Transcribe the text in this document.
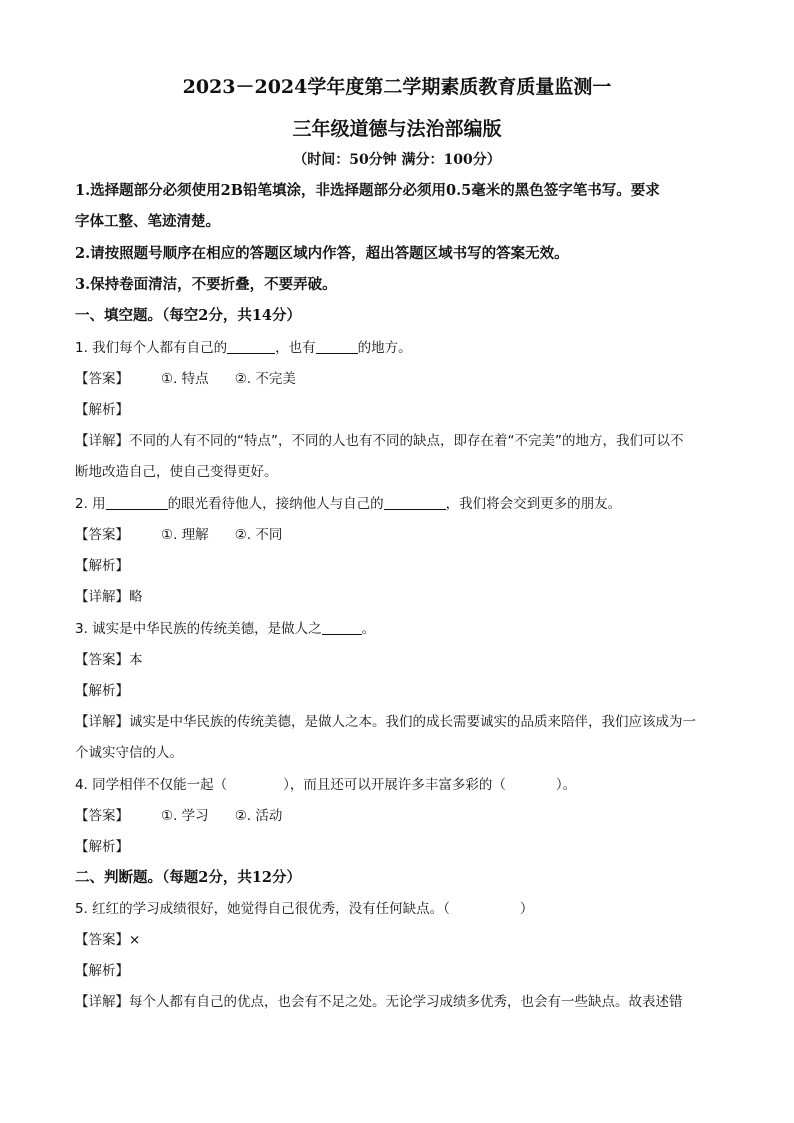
2023－2024学年度第二学期素质教育质量监测一
三年级道德与法治部编版
（时间：50分钟 满分：100分）
1.选择题部分必须使用2B铅笔填涂，非选择题部分必须用0.5毫米的黑色签字笔书写。要求
字体工整、笔迹清楚。
2.请按照题号顺序在相应的答题区域内作答，超出答题区域书写的答案无效。
3.保持卷面清洁，不要折叠，不要弄破。
一、填空题。（每空2分，共14分）
1. 我们每个人都有自己的	，也有	的地方。
【答案】 ①. 特点 ②. 不完美
【解析】
【详解】不同的人有不同的“特点”，不同的人也有不同的缺点，即存在着“不完美”的地方，我们可以不
断地改造自己，使自己变得更好。
2. 用	的眼光看待他人，接纳他人与自己的	，我们将会交到更多的朋友。
【答案】 ①. 理解 ②. 不同
【解析】
【详解】略
3. 诚实是中华民族的传统美德，是做人之	。
【答案】本
【解析】
【详解】诚实是中华民族的传统美德，是做人之本。我们的成长需要诚实的品质来陪伴，我们应该成为一
个诚实守信的人。
4. 同学相伴不仅能一起（	），而且还可以开展许多丰富多彩的（	）。
【答案】 ①. 学习 ②. 活动
【解析】
二、判断题。（每题2分，共12分）
5. 红红的学习成绩很好，她觉得自己很优秀，没有任何缺点。（	）
【答案】×
【解析】
【详解】每个人都有自己的优点，也会有不足之处。无论学习成绩多优秀，也会有一些缺点。故表述错
